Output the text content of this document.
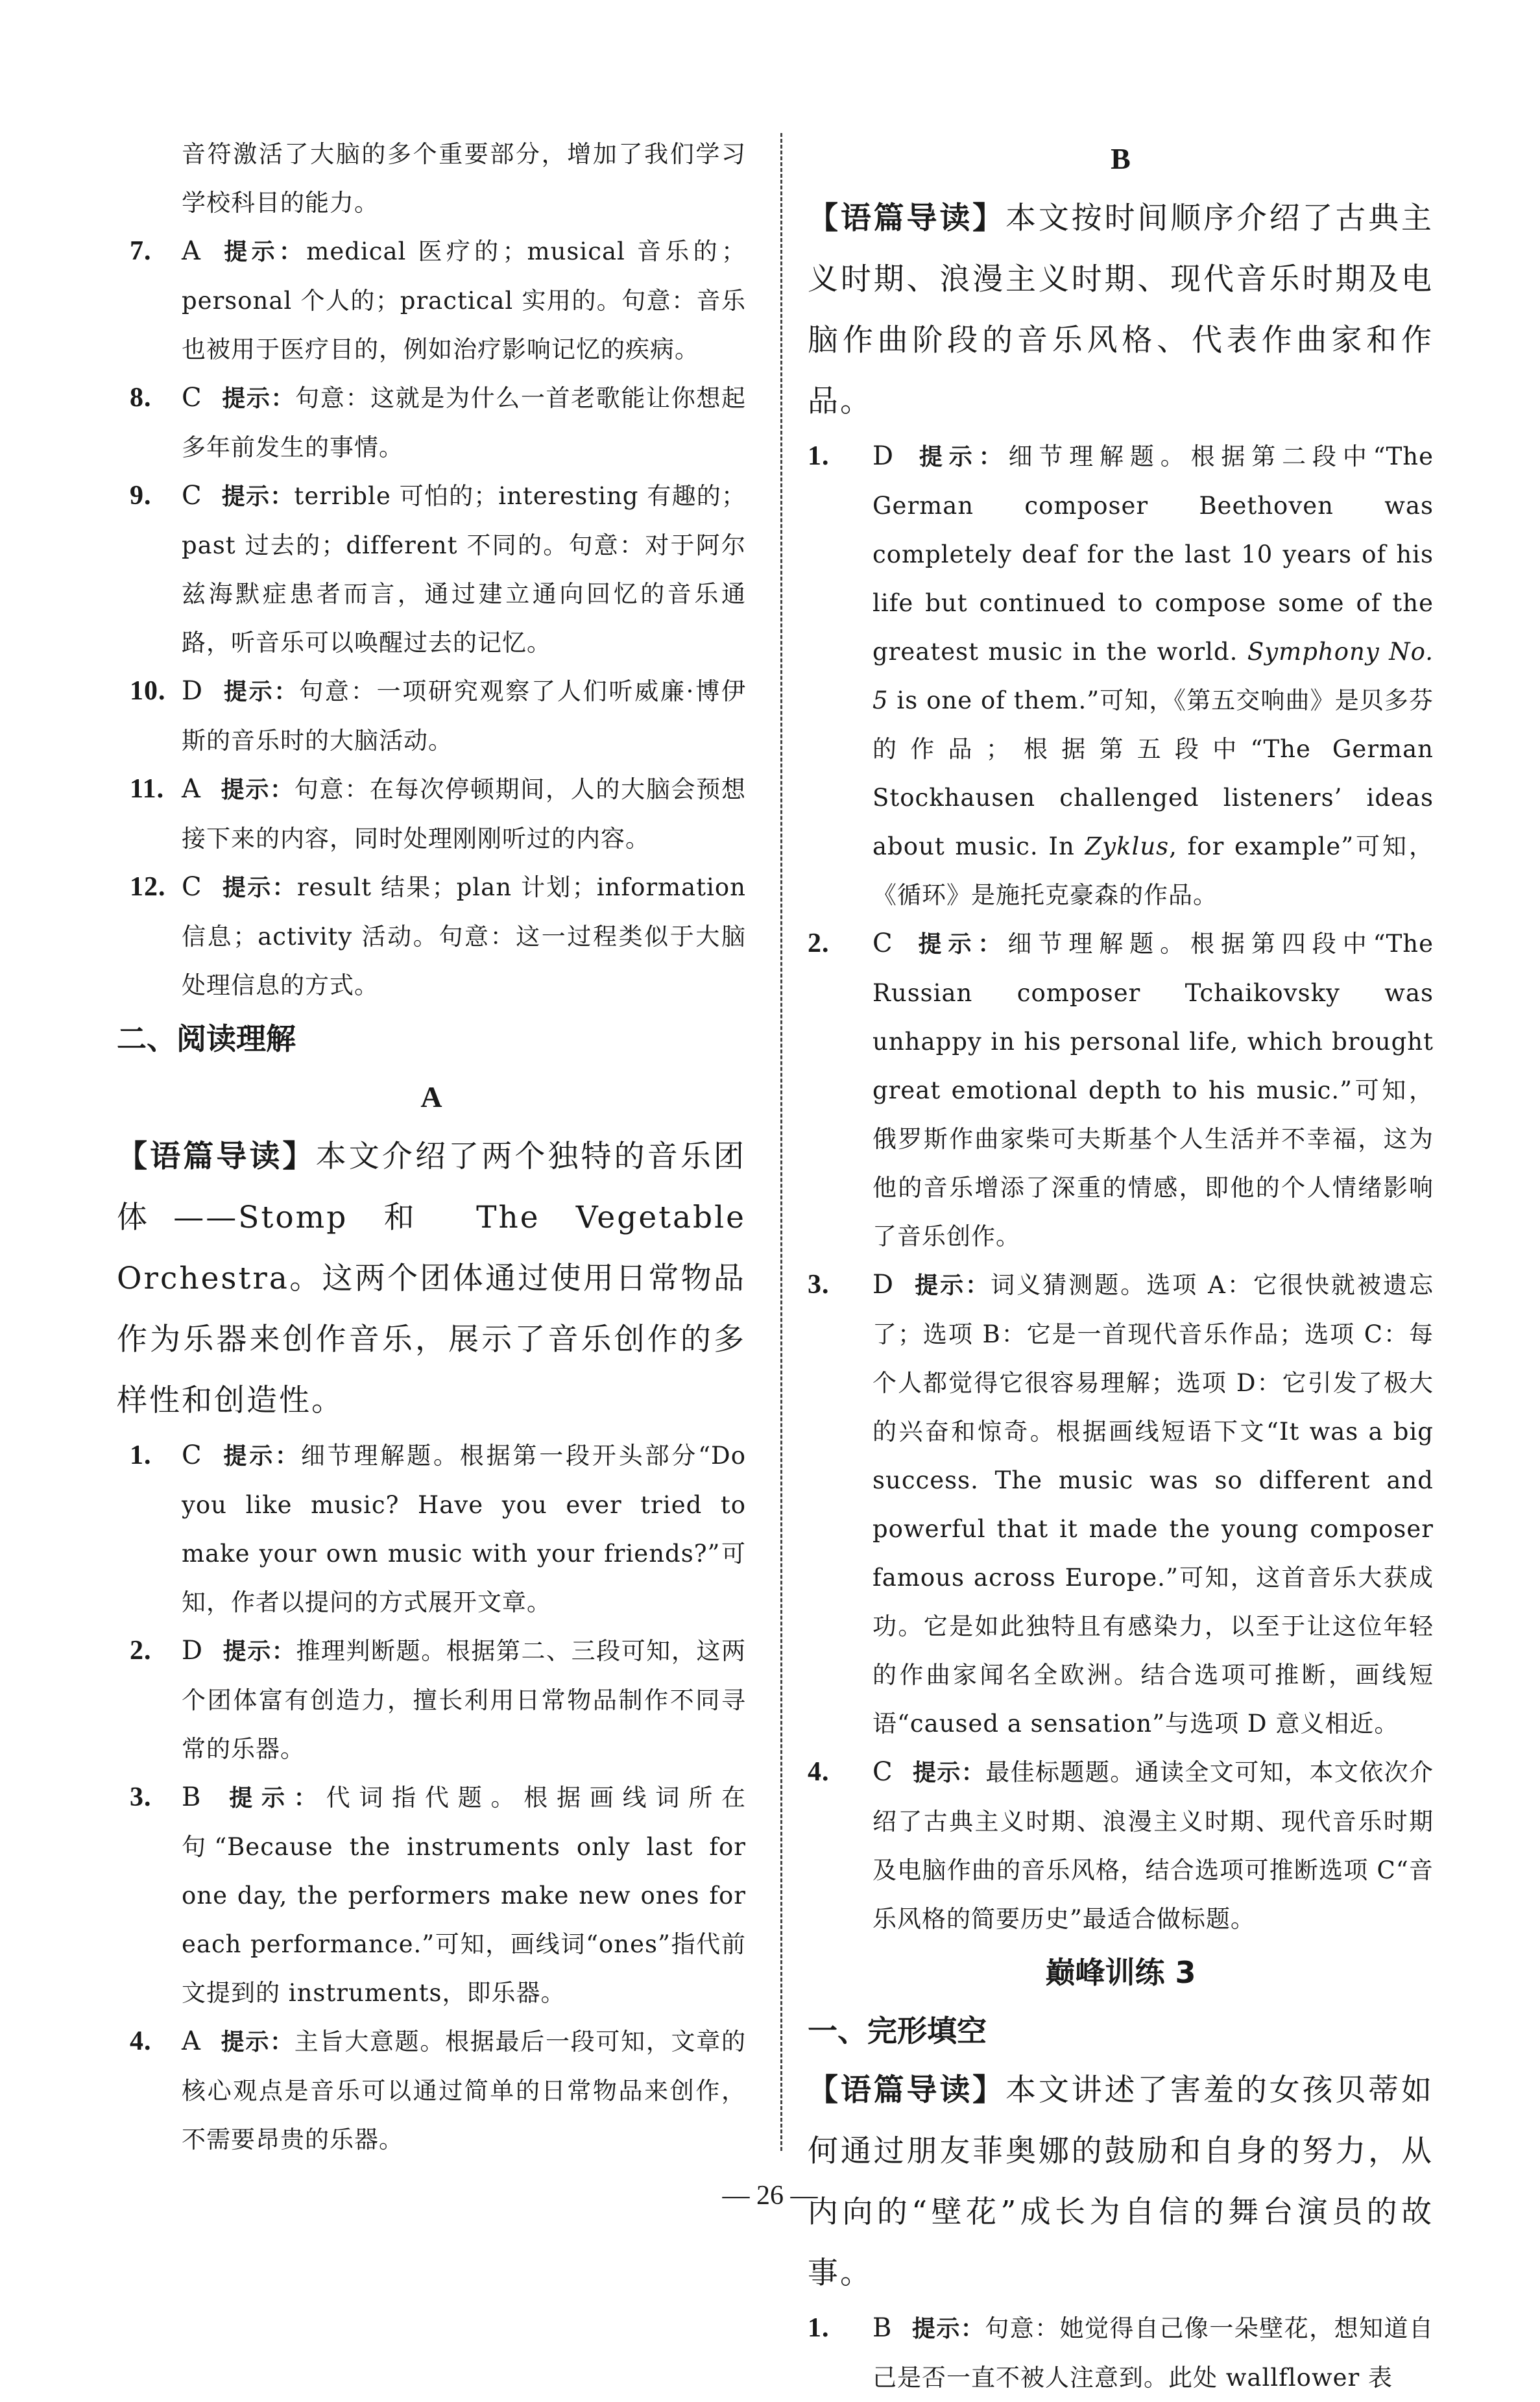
音符激活了大脑的多个重要部分，增加了我们学习学校科目的能力。
7. A 提示：medical 医疗的；musical 音乐的；personal 个人的；practical 实用的。句意：音乐也被用于医疗目的，例如治疗影响记忆的疾病。
8. C 提示：句意：这就是为什么一首老歌能让你想起多年前发生的事情。
9. C 提示：terrible 可怕的；interesting 有趣的；past 过去的；different 不同的。句意：对于阿尔兹海默症患者而言，通过建立通向回忆的音乐通路，听音乐可以唤醒过去的记忆。
10. D 提示：句意：一项研究观察了人们听威廉·博伊斯的音乐时的大脑活动。
11. A 提示：句意：在每次停顿期间，人的大脑会预想接下来的内容，同时处理刚刚听过的内容。
12. C 提示：result 结果；plan 计划；information 信息；activity 活动。句意：这一过程类似于大脑处理信息的方式。
二、阅读理解
A
【语篇导读】本文介绍了两个独特的音乐团体——Stomp 和 The Vegetable Orchestra。这两个团体通过使用日常物品作为乐器来创作音乐，展示了音乐创作的多样性和创造性。
1. C 提示：细节理解题。根据第一段开头部分“Do you like music? Have you ever tried to make your own music with your friends?”可知，作者以提问的方式展开文章。
2. D 提示：推理判断题。根据第二、三段可知，这两个团体富有创造力，擅长利用日常物品制作不同寻常的乐器。
3. B 提示：代词指代题。根据画线词所在句“Because the instruments only last for one day, the performers make new ones for each performance.”可知，画线词“ones”指代前文提到的 instruments，即乐器。
4. A 提示：主旨大意题。根据最后一段可知，文章的核心观点是音乐可以通过简单的日常物品来创作，不需要昂贵的乐器。
B
【语篇导读】本文按时间顺序介绍了古典主义时期、浪漫主义时期、现代音乐时期及电脑作曲阶段的音乐风格、代表作曲家和作品。
1. D 提示：细节理解题。根据第二段中“The German composer Beethoven was completely deaf for the last 10 years of his life but continued to compose some of the greatest music in the world. Symphony No. 5 is one of them.”可知，《第五交响曲》是贝多芬的作品；根据第五段中“The German Stockhausen challenged listeners’ ideas about music. In Zyklus, for example”可知，《循环》是施托克豪森的作品。
2. C 提示：细节理解题。根据第四段中“The Russian composer Tchaikovsky was unhappy in his personal life, which brought great emotional depth to his music.”可知，俄罗斯作曲家柴可夫斯基个人生活并不幸福，这为他的音乐增添了深重的情感，即他的个人情绪影响了音乐创作。
3. D 提示：词义猜测题。选项 A：它很快就被遗忘了；选项 B：它是一首现代音乐作品；选项 C：每个人都觉得它很容易理解；选项 D：它引发了极大的兴奋和惊奇。根据画线短语下文“It was a big success. The music was so different and powerful that it made the young composer famous across Europe.”可知，这首音乐大获成功。它是如此独特且有感染力，以至于让这位年轻的作曲家闻名全欧洲。结合选项可推断，画线短语“caused a sensation”与选项 D 意义相近。
4. C 提示：最佳标题题。通读全文可知，本文依次介绍了古典主义时期、浪漫主义时期、现代音乐时期及电脑作曲的音乐风格，结合选项可推断选项 C“音乐风格的简要历史”最适合做标题。
巅峰训练 3
一、完形填空
【语篇导读】本文讲述了害羞的女孩贝蒂如何通过朋友菲奥娜的鼓励和自身的努力，从内向的“壁花”成长为自信的舞台演员的故事。
1. B 提示：句意：她觉得自己像一朵壁花，想知道自己是否一直不被人注意到。此处 wallflower 表
— 26 —
